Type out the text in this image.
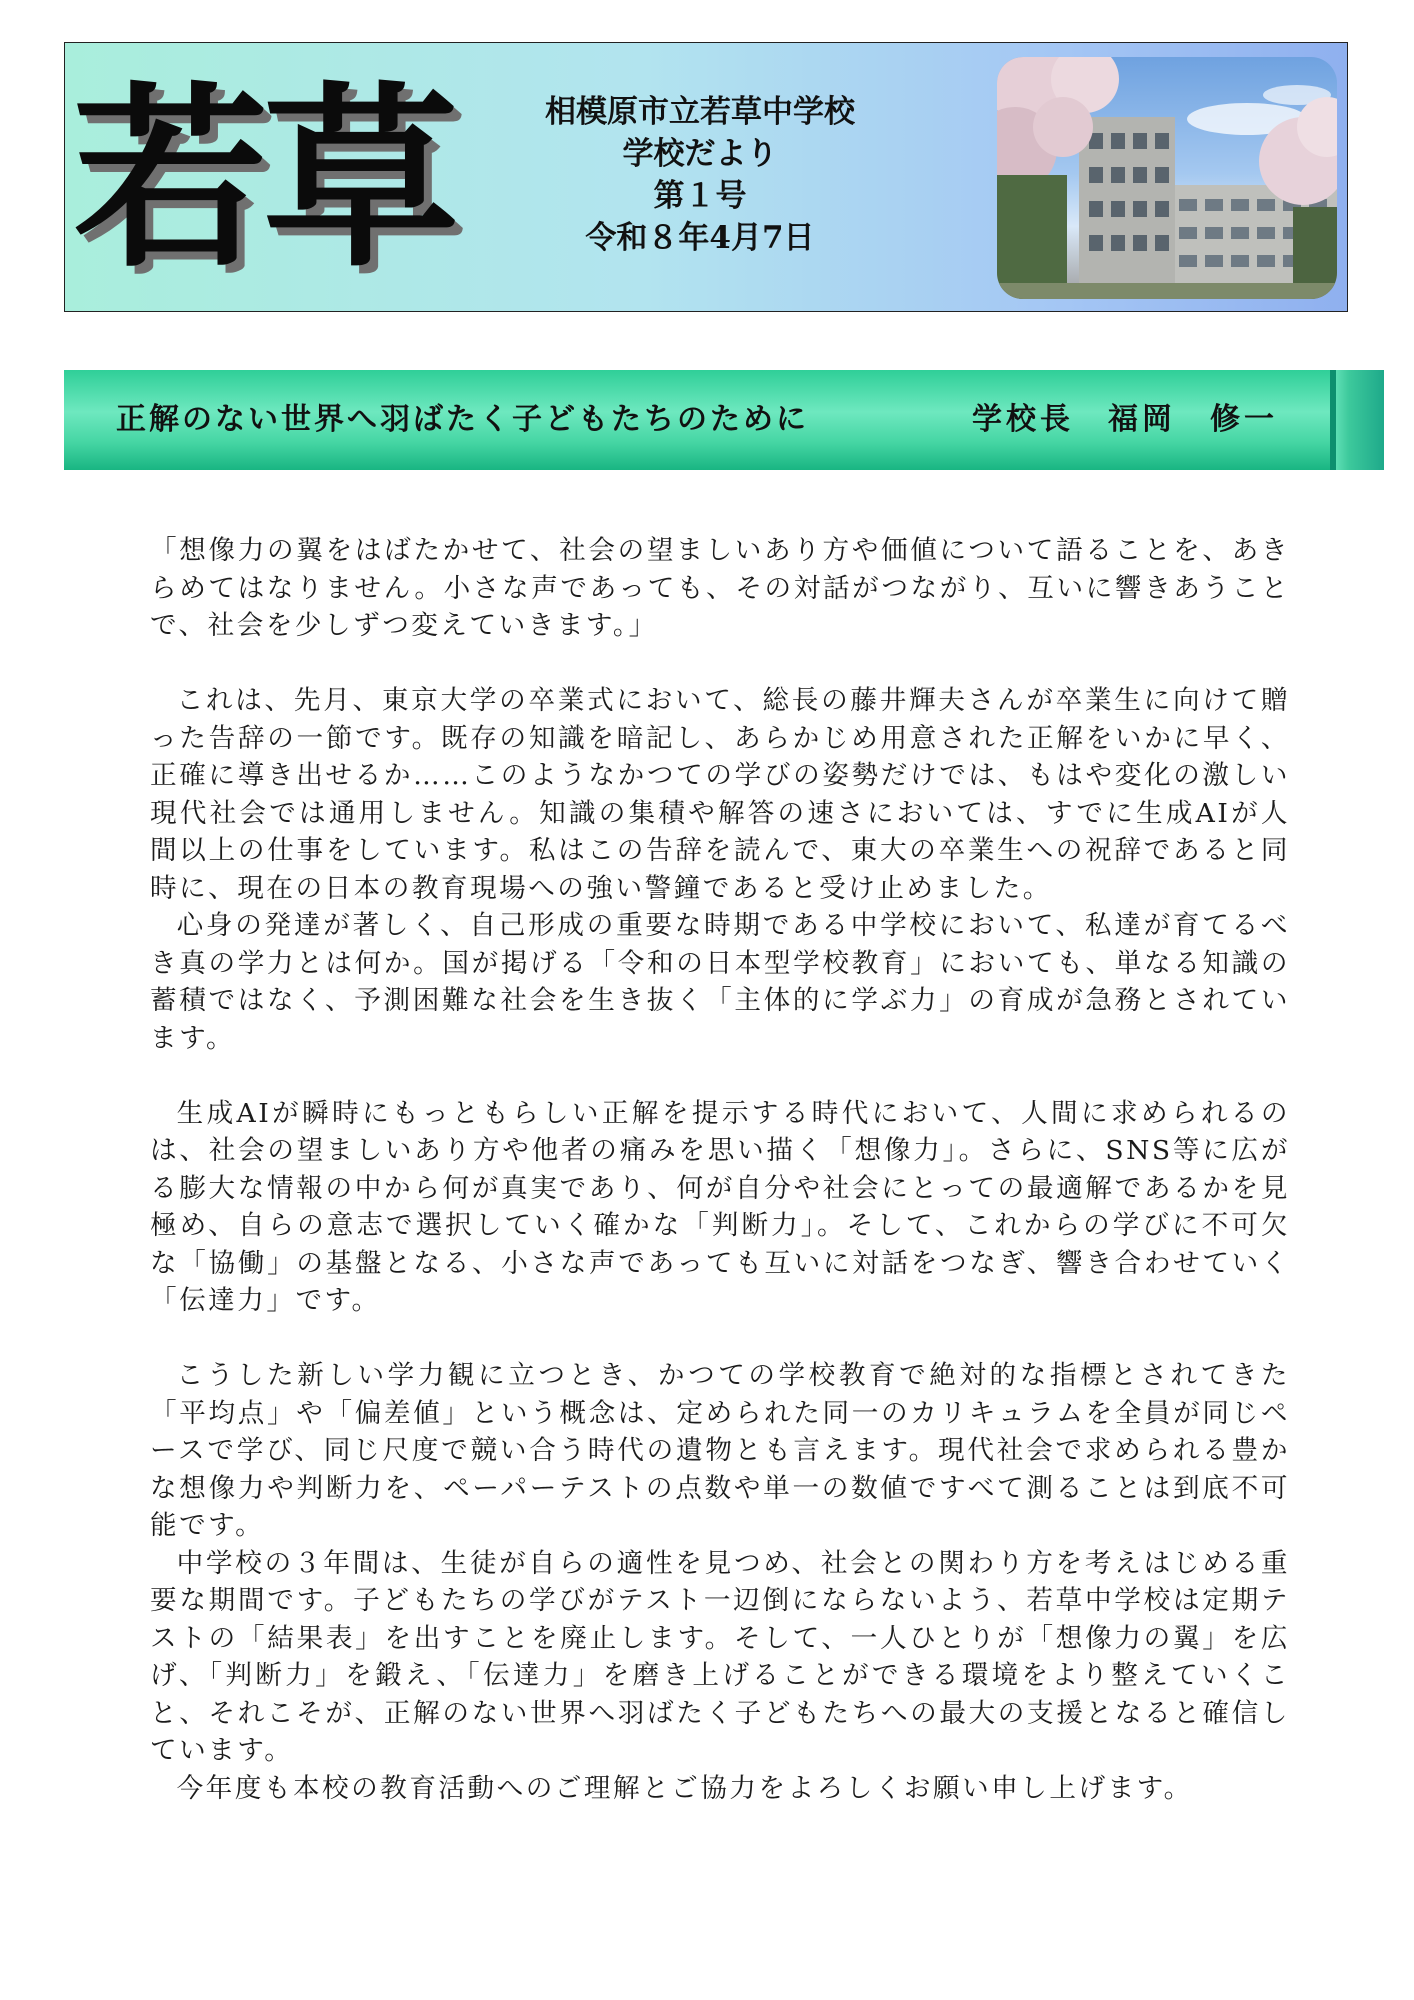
若草	相模原市立若草中学校
学校だより
第１号
令和８年4月7日
正解のない世界へ羽ばたく子どもたちのために	学校長　福岡　修一

「想像力の翼をはばたかせて、社会の望ましいあり方や価値について語ることを、あきらめてはなりません。小さな声であっても、その対話がつながり、互いに響きあうことで、社会を少しずつ変えていきます。」

これは、先月、東京大学の卒業式において、総長の藤井輝夫さんが卒業生に向けて贈った告辞の一節です。既存の知識を暗記し、あらかじめ用意された正解をいかに早く、正確に導き出せるか……このようなかつての学びの姿勢だけでは、もはや変化の激しい現代社会では通用しません。知識の集積や解答の速さにおいては、すでに生成AIが人間以上の仕事をしています。私はこの告辞を読んで、東大の卒業生への祝辞であると同時に、現在の日本の教育現場への強い警鐘であると受け止めました。

心身の発達が著しく、自己形成の重要な時期である中学校において、私達が育てるべき真の学力とは何か。国が掲げる「令和の日本型学校教育」においても、単なる知識の蓄積ではなく、予測困難な社会を生き抜く「主体的に学ぶ力」の育成が急務とされています。

生成AIが瞬時にもっともらしい正解を提示する時代において、人間に求められるのは、社会の望ましいあり方や他者の痛みを思い描く「想像力」。さらに、SNS等に広がる膨大な情報の中から何が真実であり、何が自分や社会にとっての最適解であるかを見極め、自らの意志で選択していく確かな「判断力」。そして、これからの学びに不可欠な「協働」の基盤となる、小さな声であっても互いに対話をつなぎ、響き合わせていく「伝達力」です。

こうした新しい学力観に立つとき、かつての学校教育で絶対的な指標とされてきた「平均点」や「偏差値」という概念は、定められた同一のカリキュラムを全員が同じペースで学び、同じ尺度で競い合う時代の遺物とも言えます。現代社会で求められる豊かな想像力や判断力を、ペーパーテストの点数や単一の数値ですべて測ることは到底不可能です。

中学校の３年間は、生徒が自らの適性を見つめ、社会との関わり方を考えはじめる重要な期間です。子どもたちの学びがテスト一辺倒にならないよう、若草中学校は定期テストの「結果表」を出すことを廃止します。そして、一人ひとりが「想像力の翼」を広げ、「判断力」を鍛え、「伝達力」を磨き上げることができる環境をより整えていくこと、それこそが、正解のない世界へ羽ばたく子どもたちへの最大の支援となると確信しています。

今年度も本校の教育活動へのご理解とご協力をよろしくお願い申し上げます。
